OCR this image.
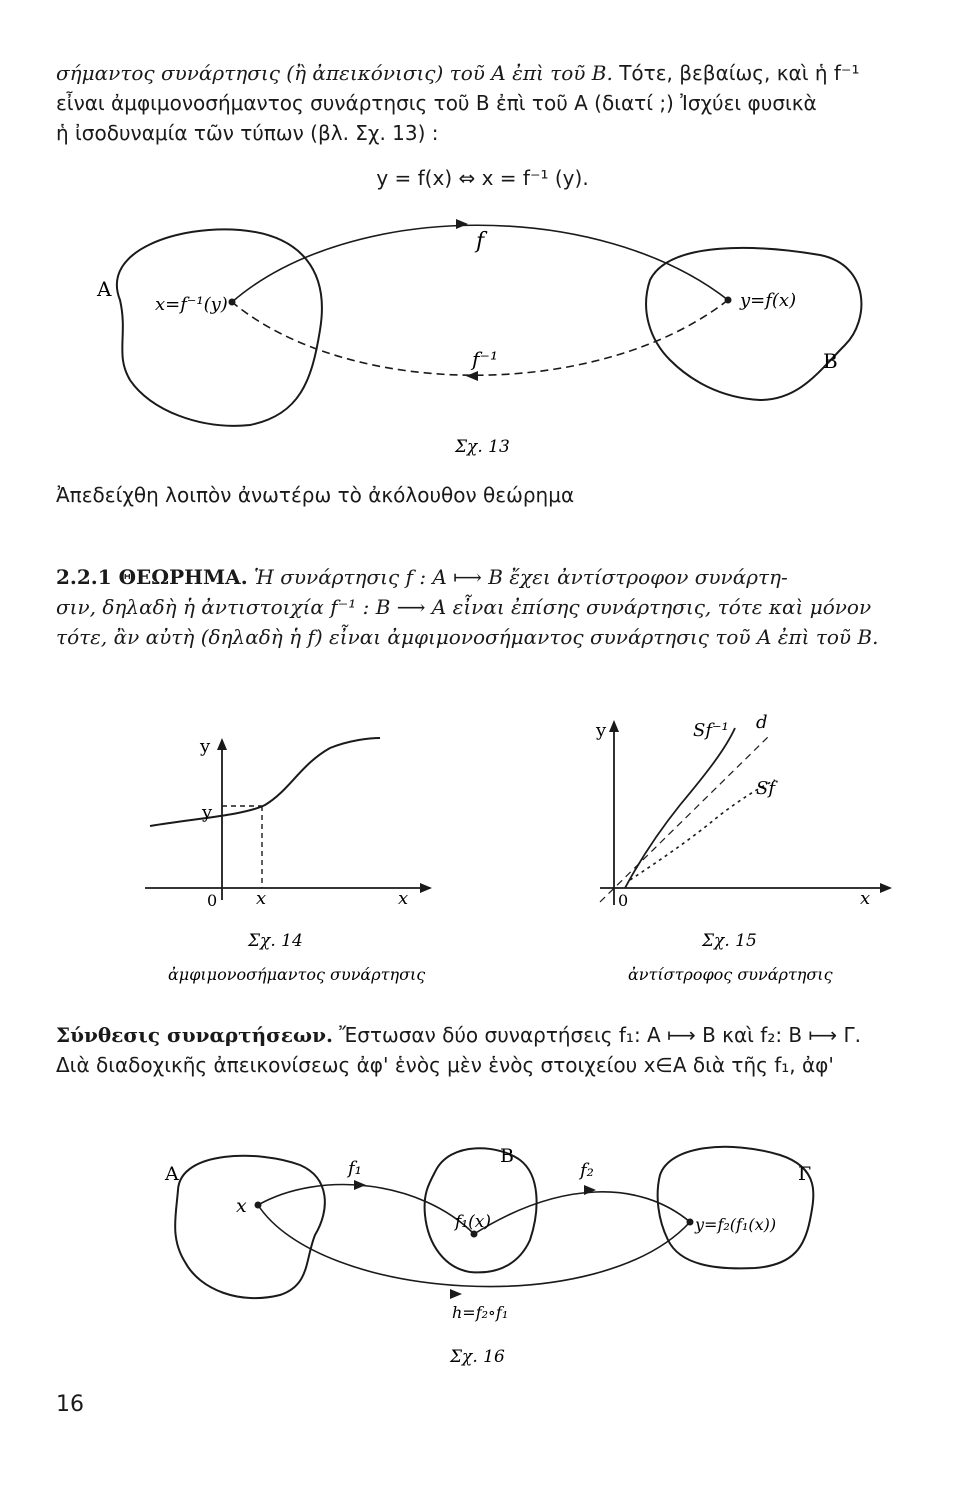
σήμαντος συνάρτησις (ἢ ἀπεικόνισις) τοῦ Α ἐπὶ τοῦ Β. Τότε, βεβαίως, καὶ ἡ f⁻¹

εἶναι ἀμφιμονοσήμαντος συνάρτησις τοῦ Β ἐπὶ τοῦ Α (διατί ;) Ἰσχύει φυσικὰ

ἡ ἰσοδυναμία τῶν τύπων (βλ. Σχ. 13) :

y = f(x) ⇔ x = f⁻¹ (y).
A
B
x=f⁻¹(y)	y=f(x)
f
f⁻¹
Σχ. 13

Ἀπεδείχθη λοιπὸν ἀνωτέρω τὸ ἀκόλουθον θεώρημα

2.2.1 ΘΕΩΡΗΜΑ. Ἡ συνάρτησις f : A ⟼ B ἔχει ἀντίστροφον συνάρτη-

σιν, δηλαδὴ ἡ ἀντιστοιχία f⁻¹ : B ⟶ A εἶναι ἐπίσης συνάρτησις, τότε καὶ μόνον

τότε, ἂν αὐτὴ (δηλαδὴ ἡ f) εἶναι ἀμφιμονοσήμαντος συνάρτησις τοῦ A ἐπὶ τοῦ B.

y
y
0 x	x
Σχ. 14
ἀμφιμονοσήμαντος συνάρτησις
y	Sf⁻¹ d
Sf
0	x
Σχ. 15
ἀντίστροφος συνάρτησις

Σύνθεσις συναρτήσεων. Ἔστωσαν δύο συναρτήσεις f₁: A ⟼ B καὶ f₂: B ⟼ Γ.

Διὰ διαδοχικῆς ἀπεικονίσεως ἀφ' ἑνὸς μὲν ἑνὸς στοιχείου x∈A διὰ τῆς f₁, ἀφ'

A
B
Γ
x
f₁(x)	y=f₂(f₁(x))
f₁	f₂
h=f₂∘f₁
Σχ. 16
16
